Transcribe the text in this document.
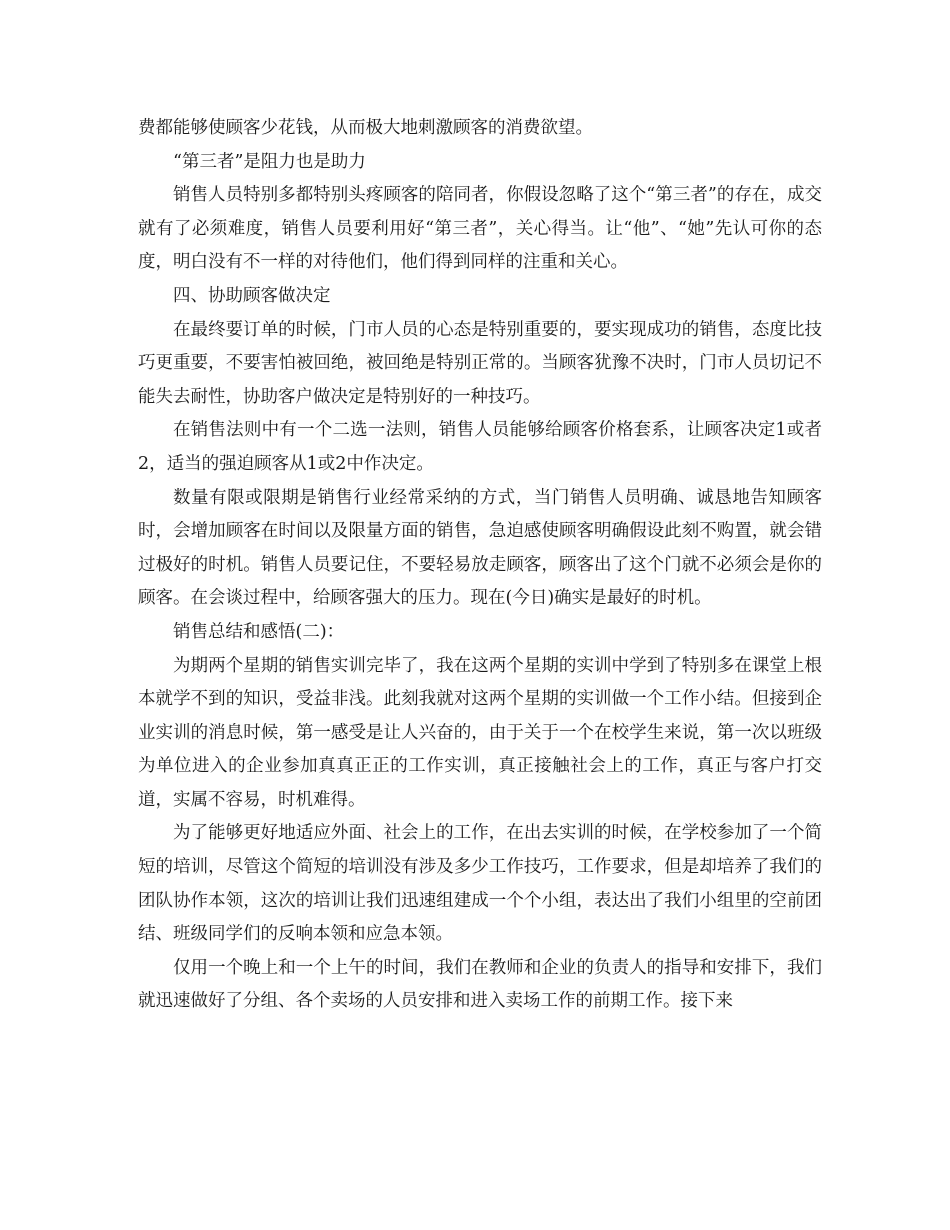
费都能够使顾客少花钱，从而极大地刺激顾客的消费欲望。

“第三者”是阻力也是助力

销售人员特别多都特别头疼顾客的陪同者，你假设忽略了这个“第三者”的存在，成交就有了必须难度，销售人员要利用好“第三者”，关心得当。让“他”、“她”先认可你的态度，明白没有不一样的对待他们，他们得到同样的注重和关心。

四、协助顾客做决定

在最终要订单的时候，门市人员的心态是特别重要的，要实现成功的销售，态度比技巧更重要，不要害怕被回绝，被回绝是特别正常的。当顾客犹豫不决时，门市人员切记不能失去耐性，协助客户做决定是特别好的一种技巧。

在销售法则中有一个二选一法则，销售人员能够给顾客价格套系，让顾客决定1或者2，适当的强迫顾客从1或2中作决定。

数量有限或限期是销售行业经常采纳的方式，当门销售人员明确、诚恳地告知顾客时，会增加顾客在时间以及限量方面的销售，急迫感使顾客明确假设此刻不购置，就会错过极好的时机。销售人员要记住，不要轻易放走顾客，顾客出了这个门就不必须会是你的顾客。在会谈过程中，给顾客强大的压力。现在(今日)确实是最好的时机。

销售总结和感悟(二)：

为期两个星期的销售实训完毕了，我在这两个星期的实训中学到了特别多在课堂上根本就学不到的知识，受益非浅。此刻我就对这两个星期的实训做一个工作小结。但接到企业实训的消息时候，第一感受是让人兴奋的，由于关于一个在校学生来说，第一次以班级为单位进入的企业参加真真正正的工作实训，真正接触社会上的工作，真正与客户打交道，实属不容易，时机难得。

为了能够更好地适应外面、社会上的工作，在出去实训的时候，在学校参加了一个简短的培训，尽管这个简短的培训没有涉及多少工作技巧，工作要求，但是却培养了我们的团队协作本领，这次的培训让我们迅速组建成一个个小组，表达出了我们小组里的空前团结、班级同学们的反响本领和应急本领。

仅用一个晚上和一个上午的时间，我们在教师和企业的负责人的指导和安排下，我们就迅速做好了分组、各个卖场的人员安排和进入卖场工作的前期工作。接下来
